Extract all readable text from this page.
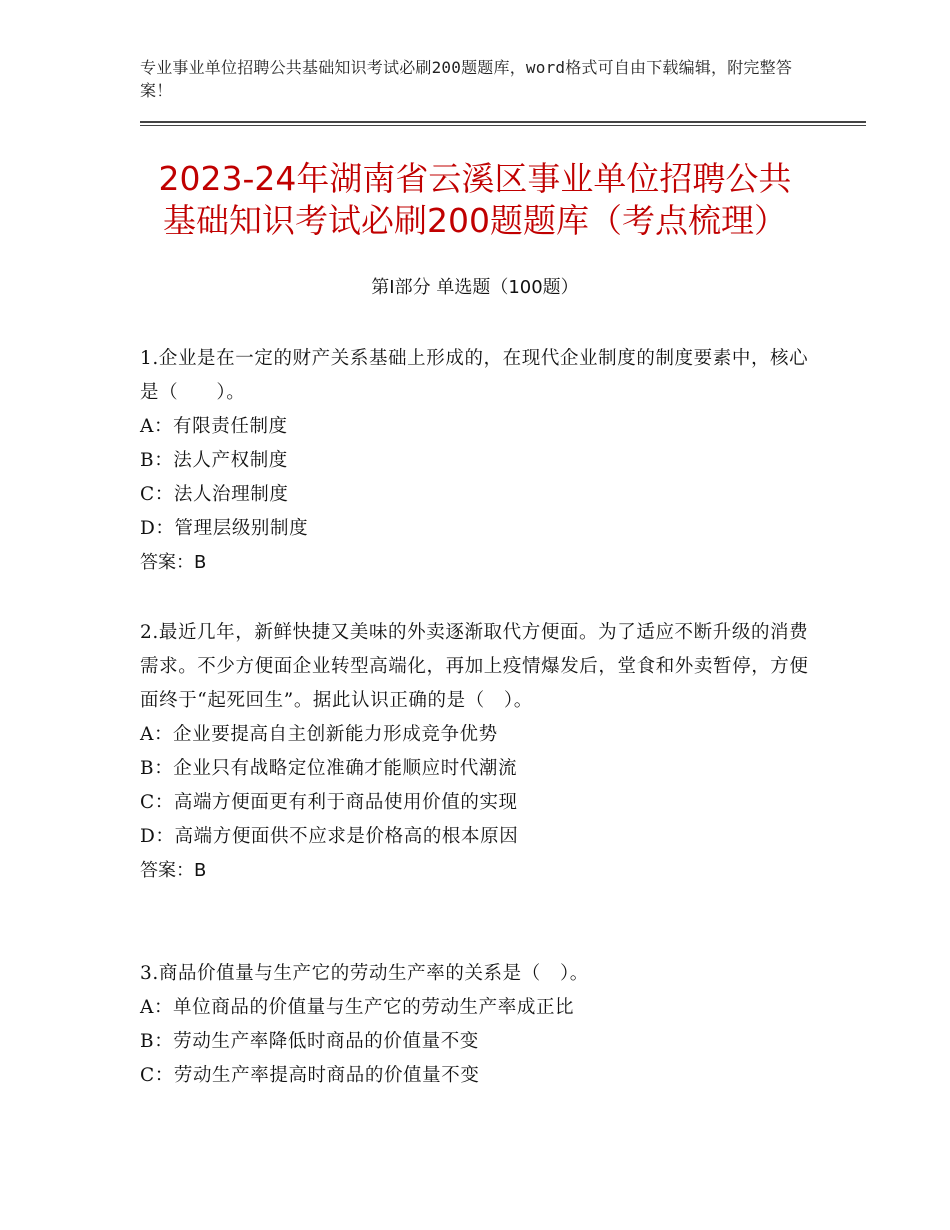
专业事业单位招聘公共基础知识考试必刷200题题库，word格式可自由下载编辑，附完整答案！
2023-24年湖南省云溪区事业单位招聘公共
基础知识考试必刷200题题库（考点梳理）
第Ⅰ部分 单选题（100题）
1.企业是在一定的财产关系基础上形成的，在现代企业制度的制度要素中，核心是（　　）。
A：有限责任制度
B：法人产权制度
C：法人治理制度
D：管理层级别制度
答案：B
2.最近几年，新鲜快捷又美味的外卖逐渐取代方便面。为了适应不断升级的消费需求。不少方便面企业转型高端化，再加上疫情爆发后，堂食和外卖暂停，方便面终于“起死回生”。据此认识正确的是（　）。
A：企业要提高自主创新能力形成竞争优势
B：企业只有战略定位准确才能顺应时代潮流
C：高端方便面更有利于商品使用价值的实现
D：高端方便面供不应求是价格高的根本原因
答案：B
3.商品价值量与生产它的劳动生产率的关系是（　）。
A：单位商品的价值量与生产它的劳动生产率成正比
B：劳动生产率降低时商品的价值量不变
C：劳动生产率提高时商品的价值量不变
